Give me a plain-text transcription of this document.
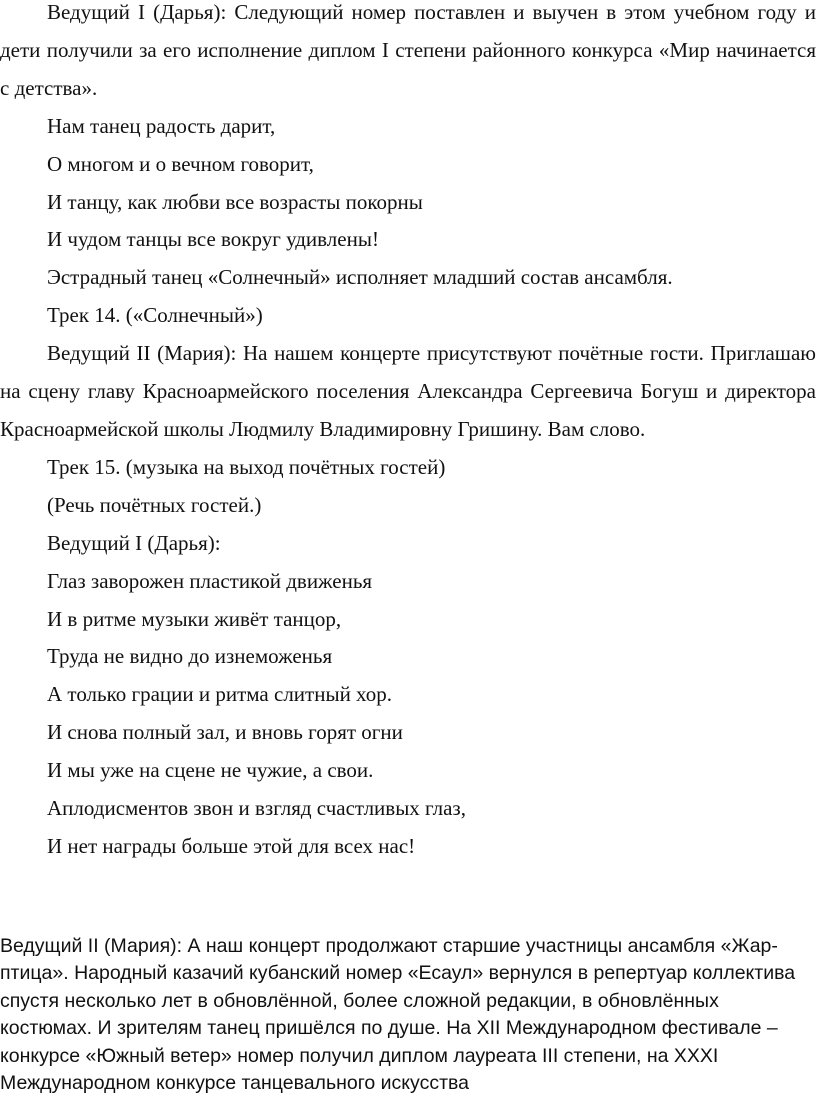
Ведущий I (Дарья): Следующий номер поставлен и выучен в этом учебном году и дети получили за его исполнение диплом I степени районного конкурса «Мир начинается с детства».

Нам танец радость дарит,

О многом и о вечном говорит,

И танцу, как любви все возрасты покорны

И чудом танцы все вокруг удивлены!

Эстрадный танец «Солнечный» исполняет младший состав ансамбля.

Трек 14. («Солнечный»)

Ведущий II (Мария): На нашем концерте присутствуют почётные гости. Приглашаю на сцену главу Красноармейского поселения Александра Сергеевича Богуш и директора Красноармейской школы Людмилу Владимировну Гришину. Вам слово.

Трек 15. (музыка на выход почётных гостей)

(Речь почётных гостей.)

Ведущий I (Дарья):

Глаз заворожен пластикой движенья

И в ритме музыки живёт танцор,

Труда не видно до изнеможенья

А только грации и ритма слитный хор.

И снова полный зал, и вновь горят огни

И мы уже на сцене не чужие, а свои.

Аплодисментов звон и взгляд счастливых глаз,

И нет награды больше этой для всех нас!

Ведущий II (Мария): А наш концерт продолжают старшие участницы ансамбля «Жар-птица». Народный казачий кубанский номер «Есаул» вернулся в репертуар коллектива спустя несколько лет в обновлённой, более сложной редакции, в обновлённых костюмах. И зрителям танец пришёлся по душе. На XII Международном фестивале – конкурсе «Южный ветер» номер получил диплом лауреата III степени, на XXXI Международном конкурсе танцевального искусства
